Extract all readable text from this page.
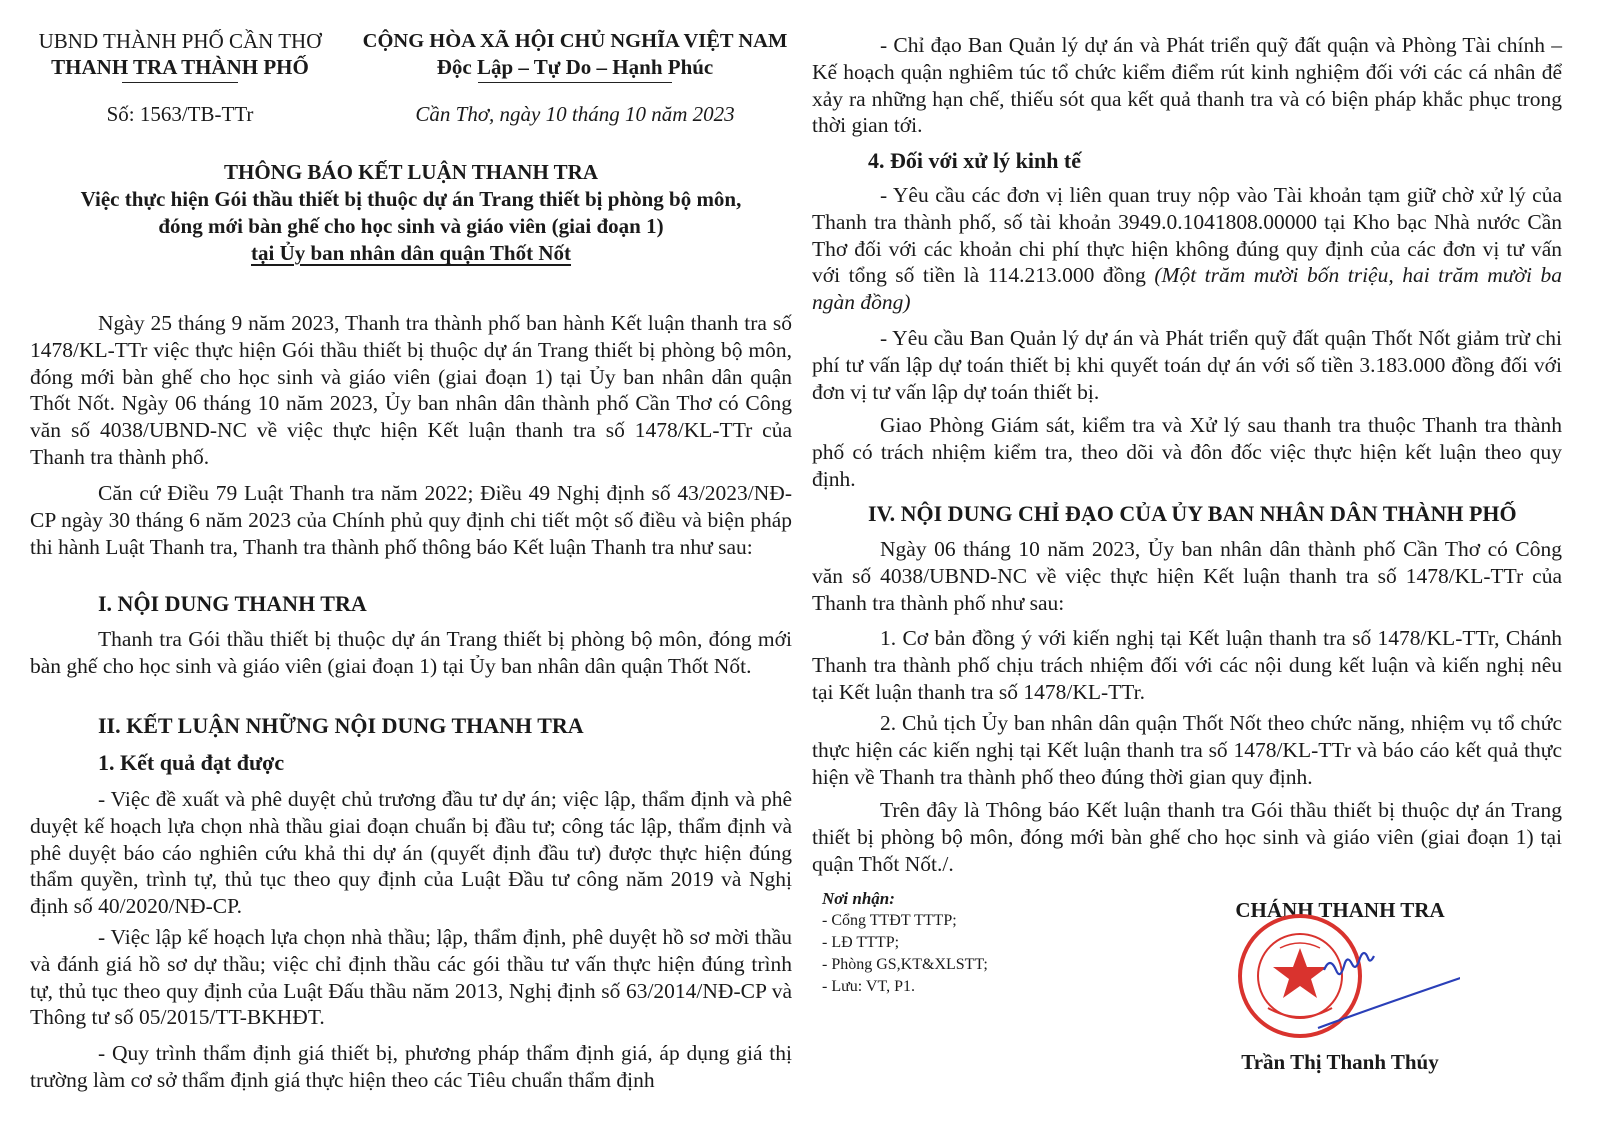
UBND THÀNH PHỐ CẦN THƠ
THANH TRA THÀNH PHỐ
Số: 1563/TB-TTr
CỘNG HÒA XÃ HỘI CHỦ NGHĨA VIỆT NAM
Độc Lập – Tự Do – Hạnh Phúc
Cần Thơ, ngày 10 tháng 10 năm 2023
THÔNG BÁO KẾT LUẬN THANH TRA
Việc thực hiện Gói thầu thiết bị thuộc dự án Trang thiết bị phòng bộ môn,
đóng mới bàn ghế cho học sinh và giáo viên (giai đoạn 1)
tại Ủy ban nhân dân quận Thốt Nốt

Ngày 25 tháng 9 năm 2023, Thanh tra thành phố ban hành Kết luận thanh tra số 1478/KL-TTr việc thực hiện Gói thầu thiết bị thuộc dự án Trang thiết bị phòng bộ môn, đóng mới bàn ghế cho học sinh và giáo viên (giai đoạn 1) tại Ủy ban nhân dân quận Thốt Nốt. Ngày 06 tháng 10 năm 2023, Ủy ban nhân dân thành phố Cần Thơ có Công văn số 4038/UBND-NC về việc thực hiện Kết luận thanh tra số 1478/KL-TTr của Thanh tra thành phố.

Căn cứ Điều 79 Luật Thanh tra năm 2022; Điều 49 Nghị định số 43/2023/NĐ-CP ngày 30 tháng 6 năm 2023 của Chính phủ quy định chi tiết một số điều và biện pháp thi hành Luật Thanh tra, Thanh tra thành phố thông báo Kết luận Thanh tra như sau:

I. NỘI DUNG THANH TRA

Thanh tra Gói thầu thiết bị thuộc dự án Trang thiết bị phòng bộ môn, đóng mới bàn ghế cho học sinh và giáo viên (giai đoạn 1) tại Ủy ban nhân dân quận Thốt Nốt.

II. KẾT LUẬN NHỮNG NỘI DUNG THANH TRA
1. Kết quả đạt được

- Việc đề xuất và phê duyệt chủ trương đầu tư dự án; việc lập, thẩm định và phê duyệt kế hoạch lựa chọn nhà thầu giai đoạn chuẩn bị đầu tư; công tác lập, thẩm định và phê duyệt báo cáo nghiên cứu khả thi dự án (quyết định đầu tư) được thực hiện đúng thẩm quyền, trình tự, thủ tục theo quy định của Luật Đầu tư công năm 2019 và Nghị định số 40/2020/NĐ-CP.

- Việc lập kế hoạch lựa chọn nhà thầu; lập, thẩm định, phê duyệt hồ sơ mời thầu và đánh giá hồ sơ dự thầu; việc chỉ định thầu các gói thầu tư vấn thực hiện đúng trình tự, thủ tục theo quy định của Luật Đấu thầu năm 2013, Nghị định số 63/2014/NĐ-CP và Thông tư số 05/2015/TT-BKHĐT.

- Quy trình thẩm định giá thiết bị, phương pháp thẩm định giá, áp dụng giá thị trường làm cơ sở thẩm định giá thực hiện theo các Tiêu chuẩn thẩm định

- Chỉ đạo Ban Quản lý dự án và Phát triển quỹ đất quận và Phòng Tài chính – Kế hoạch quận nghiêm túc tổ chức kiểm điểm rút kinh nghiệm đối với các cá nhân để xảy ra những hạn chế, thiếu sót qua kết quả thanh tra và có biện pháp khắc phục trong thời gian tới.

4. Đối với xử lý kinh tế

- Yêu cầu các đơn vị liên quan truy nộp vào Tài khoản tạm giữ chờ xử lý của Thanh tra thành phố, số tài khoản 3949.0.1041808.00000 tại Kho bạc Nhà nước Cần Thơ đối với các khoản chi phí thực hiện không đúng quy định của các đơn vị tư vấn với tổng số tiền là 114.213.000 đồng (Một trăm mười bốn triệu, hai trăm mười ba ngàn đồng)

- Yêu cầu Ban Quản lý dự án và Phát triển quỹ đất quận Thốt Nốt giảm trừ chi phí tư vấn lập dự toán thiết bị khi quyết toán dự án với số tiền 3.183.000 đồng đối với đơn vị tư vấn lập dự toán thiết bị.

Giao Phòng Giám sát, kiểm tra và Xử lý sau thanh tra thuộc Thanh tra thành phố có trách nhiệm kiểm tra, theo dõi và đôn đốc việc thực hiện kết luận theo quy định.

IV. NỘI DUNG CHỈ ĐẠO CỦA ỦY BAN NHÂN DÂN THÀNH PHỐ

Ngày 06 tháng 10 năm 2023, Ủy ban nhân dân thành phố Cần Thơ có Công văn số 4038/UBND-NC về việc thực hiện Kết luận thanh tra số 1478/KL-TTr của Thanh tra thành phố như sau:

1. Cơ bản đồng ý với kiến nghị tại Kết luận thanh tra số 1478/KL-TTr, Chánh Thanh tra thành phố chịu trách nhiệm đối với các nội dung kết luận và kiến nghị nêu tại Kết luận thanh tra số 1478/KL-TTr.

2. Chủ tịch Ủy ban nhân dân quận Thốt Nốt theo chức năng, nhiệm vụ tổ chức thực hiện các kiến nghị tại Kết luận thanh tra số 1478/KL-TTr và báo cáo kết quả thực hiện về Thanh tra thành phố theo đúng thời gian quy định.

Trên đây là Thông báo Kết luận thanh tra Gói thầu thiết bị thuộc dự án Trang thiết bị phòng bộ môn, đóng mới bàn ghế cho học sinh và giáo viên (giai đoạn 1) tại quận Thốt Nốt./.

Nơi nhận:
- Cổng TTĐT TTTP;
- LĐ TTTP;
- Phòng GS,KT&XLSTT;
- Lưu: VT, P1.
CHÁNH THANH TRA
Trần Thị Thanh Thúy
